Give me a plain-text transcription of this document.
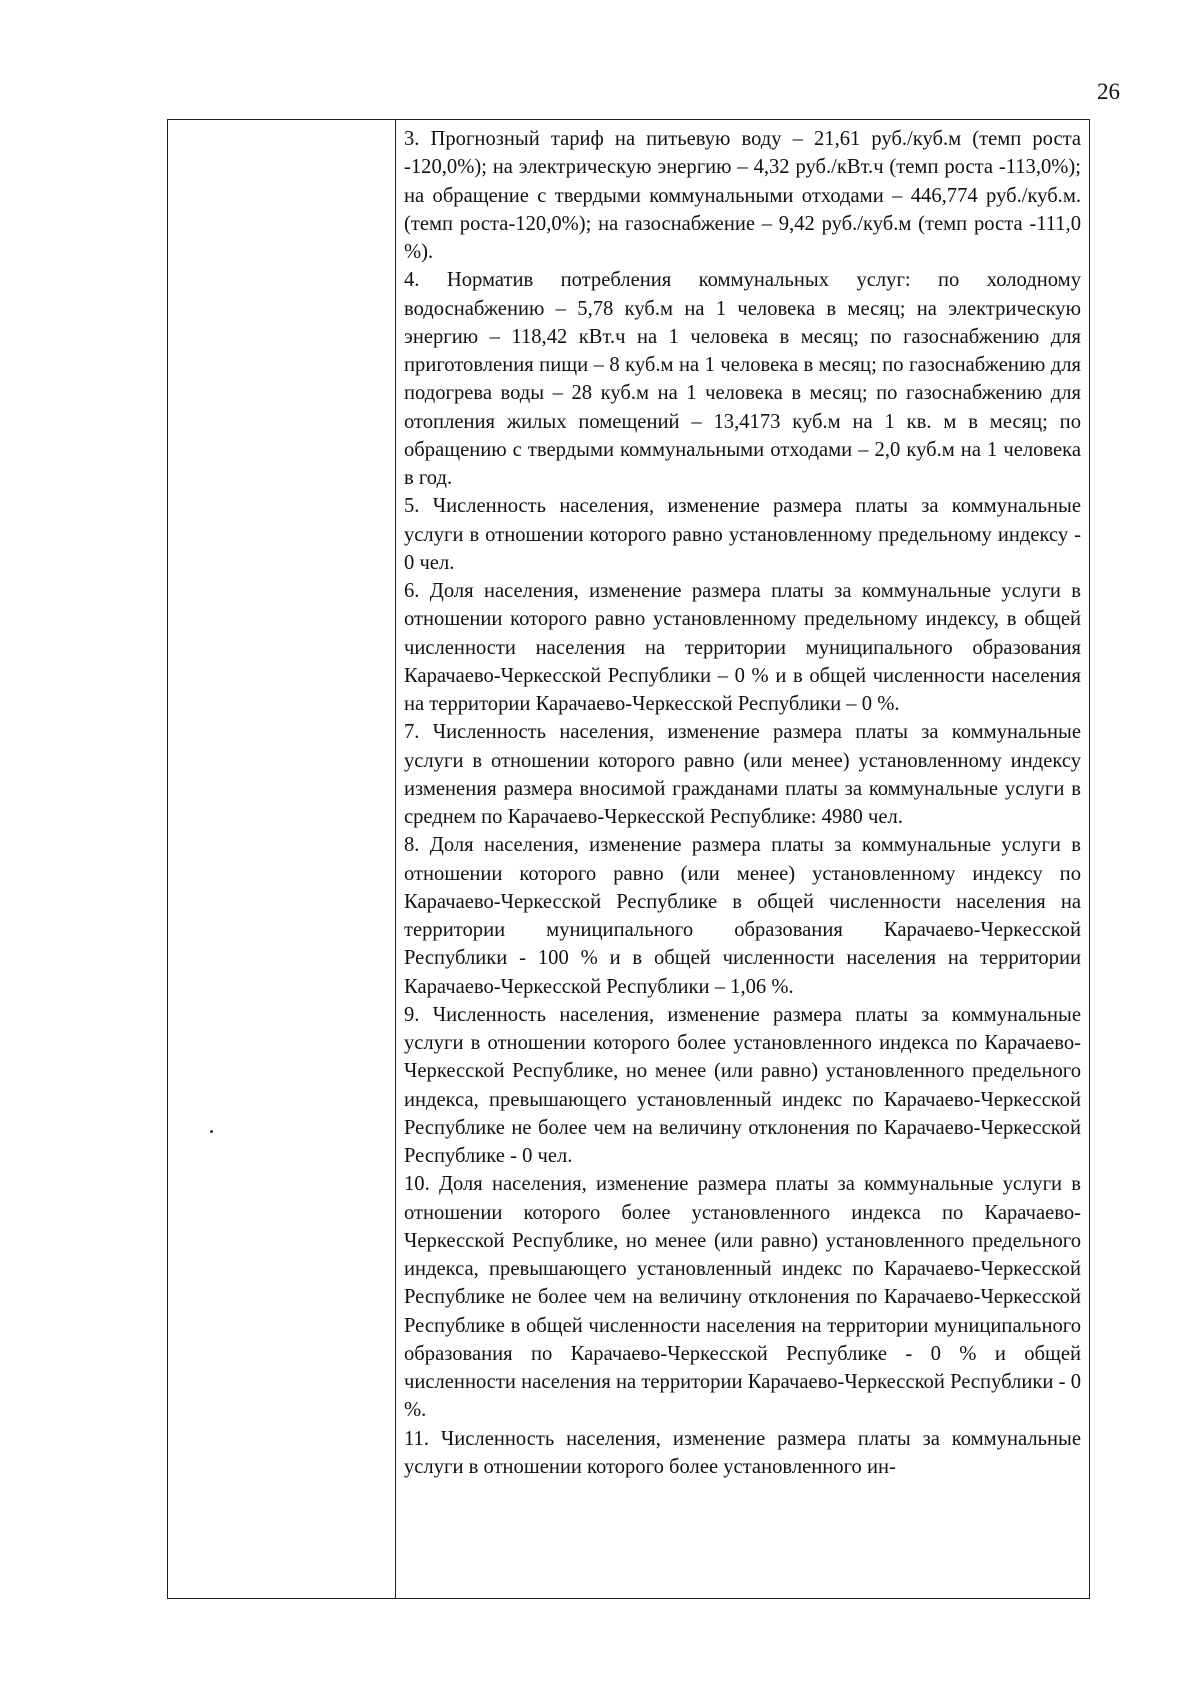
26

3. Прогнозный тариф на питьевую воду – 21,61 руб./куб.м (темп роста -120,0%); на электрическую энергию – 4,32 руб./кВт.ч (темп роста -113,0%); на обращение с твердыми коммунальными отходами – 446,774 руб./куб.м. (темп роста-120,0%); на газоснабжение – 9,42 руб./куб.м (темп роста -111,0 %).

4. Норматив потребления коммунальных услуг: по холодному водоснабжению – 5,78 куб.м на 1 человека в месяц; на электрическую энергию – 118,42 кВт.ч на 1 человека в месяц; по газоснабжению для приготовления пищи – 8 куб.м на 1 человека в месяц; по газоснабжению для подогрева воды – 28 куб.м на 1 человека в месяц; по газоснабжению для отопления жилых помещений – 13,4173 куб.м на 1 кв. м в месяц; по обращению с твердыми коммунальными отходами – 2,0 куб.м на 1 человека в год.

5. Численность населения, изменение размера платы за коммунальные услуги в отношении которого равно установленному предельному индексу - 0 чел.

6. Доля населения, изменение размера платы за коммунальные услуги в отношении которого равно установленному предельному индексу, в общей численности населения на территории муниципального образования Карачаево-Черкесской Республики – 0 % и в общей численности населения на территории Карачаево-Черкесской Республики – 0 %.

7. Численность населения, изменение размера платы за коммунальные услуги в отношении которого равно (или менее) установленному индексу изменения размера вносимой гражданами платы за коммунальные услуги в среднем по Карачаево-Черкесской Республике: 4980 чел.

8. Доля населения, изменение размера платы за коммунальные услуги в отношении которого равно (или менее) установленному индексу по Карачаево-Черкесской Республике в общей численности населения на территории муниципального образования Карачаево-Черкесской Республики - 100 % и в общей численности населения на территории Карачаево-Черкесской Республики – 1,06 %.

9. Численность населения, изменение размера платы за коммунальные услуги в отношении которого более установленного индекса по Карачаево-Черкесской Республике, но менее (или равно) установленного предельного индекса, превышающего установленный индекс по Карачаево-Черкесской Республике не более чем на величину отклонения по Карачаево-Черкесской Республике - 0 чел.

10. Доля населения, изменение размера платы за коммунальные услуги в отношении которого более установленного индекса по Карачаево-Черкесской Республике, но менее (или равно) установленного предельного индекса, превышающего установленный индекс по Карачаево-Черкесской Республике не более чем на величину отклонения по Карачаево-Черкесской Республике в общей численности населения на территории муниципального образования по Карачаево-Черкесской Республике - 0 % и общей численности населения на территории Карачаево-Черкесской Республики - 0 %.

11. Численность населения, изменение размера платы за коммунальные услуги в отношении которого более установленного ин-
